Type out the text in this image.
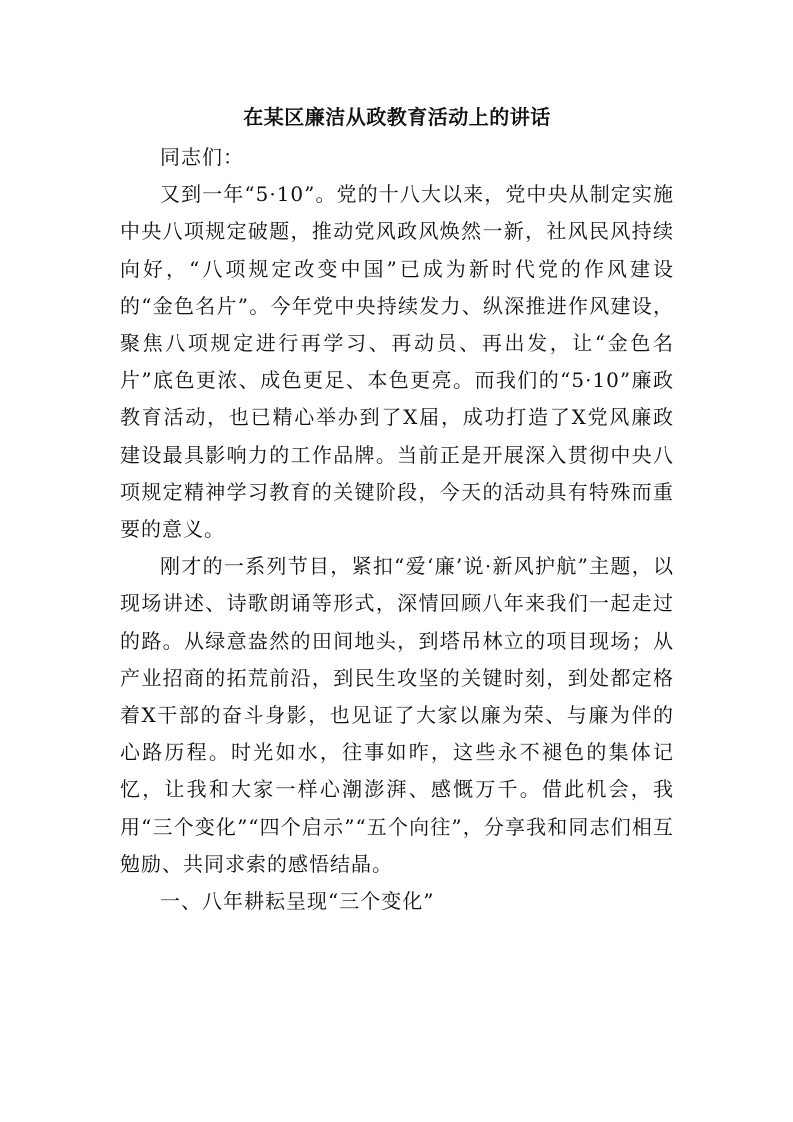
在某区廉洁从政教育活动上的讲话

同志们：

又到一年“5·10”。党的十八大以来，党中央从制定实施中央八项规定破题，推动党风政风焕然一新，社风民风持续向好，“八项规定改变中国”已成为新时代党的作风建设的“金色名片”。今年党中央持续发力、纵深推进作风建设，聚焦八项规定进行再学习、再动员、再出发，让“金色名片”底色更浓、成色更足、本色更亮。而我们的“5·10”廉政教育活动，也已精心举办到了X届，成功打造了X党风廉政建设最具影响力的工作品牌。当前正是开展深入贯彻中央八项规定精神学习教育的关键阶段，今天的活动具有特殊而重要的意义。

刚才的一系列节目，紧扣“爱‘廉’说·新风护航”主题，以现场讲述、诗歌朗诵等形式，深情回顾八年来我们一起走过的路。从绿意盎然的田间地头，到塔吊林立的项目现场；从产业招商的拓荒前沿，到民生攻坚的关键时刻，到处都定格着X干部的奋斗身影，也见证了大家以廉为荣、与廉为伴的心路历程。时光如水，往事如昨，这些永不褪色的集体记忆，让我和大家一样心潮澎湃、感慨万千。借此机会，我用“三个变化”“四个启示”“五个向往”，分享我和同志们相互勉励、共同求索的感悟结晶。

一、八年耕耘呈现“三个变化”
